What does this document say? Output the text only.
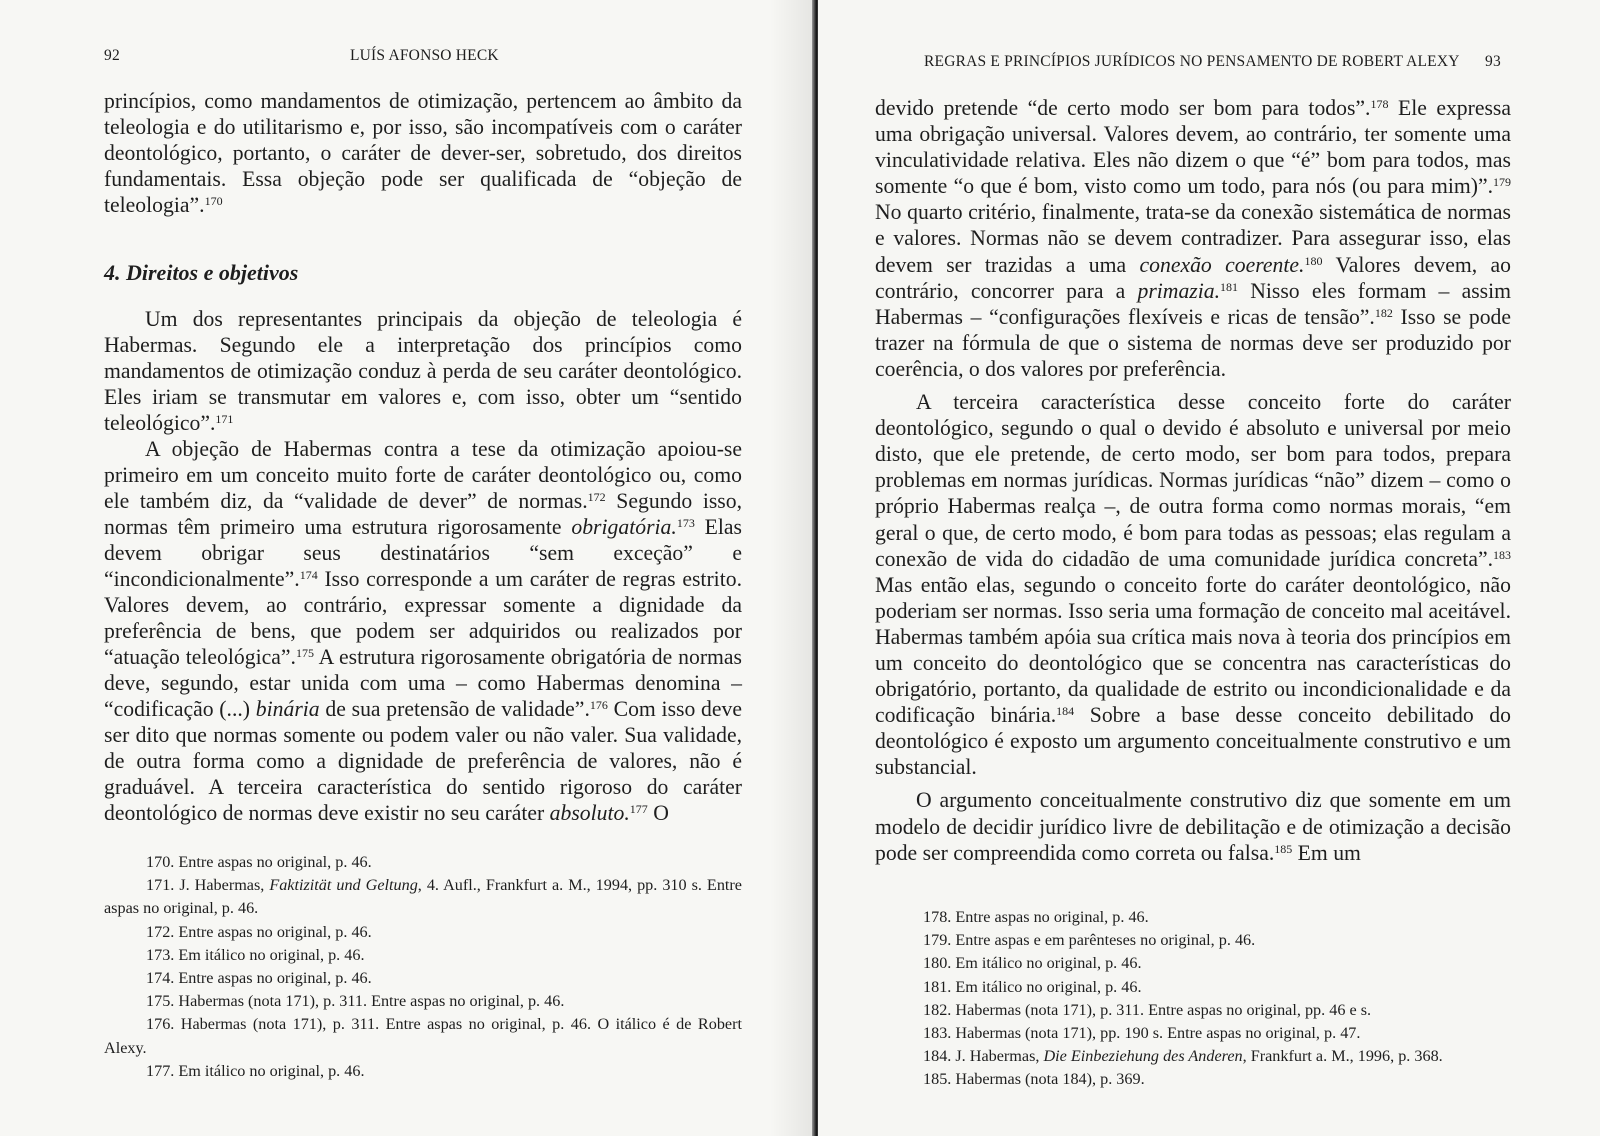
92	LUÍS AFONSO HECK

princípios, como mandamentos de otimização, pertencem ao âmbito da teleologia e do utilitarismo e, por isso, são incompatíveis com o caráter deontológico, portanto, o caráter de dever-ser, sobretudo, dos direitos fundamentais. Essa objeção pode ser qualificada de “objeção de teleologia”.$^{170}$

4. Direitos e objetivos

Um dos representantes principais da objeção de teleologia é Habermas. Segundo ele a interpretação dos princípios como mandamentos de otimização conduz à perda de seu caráter deontológico. Eles iriam se transmutar em valores e, com isso, obter um “sentido teleológico”.$^{171}$

A objeção de Habermas contra a tese da otimização apoiou-se primeiro em um conceito muito forte de caráter deontológico ou, como ele também diz, da “validade de dever” de normas.$^{172}$ Segundo isso, normas têm primeiro uma estrutura rigorosamente obrigatória.$^{173}$ Elas devem obrigar seus destinatários “sem exceção” e “incondicionalmente”.$^{174}$ Isso corresponde a um caráter de regras estrito. Valores devem, ao contrário, expressar somente a dignidade da preferência de bens, que podem ser adquiridos ou realizados por “atuação teleológica”.$^{175}$ A estrutura rigorosamente obrigatória de normas deve, segundo, estar unida com uma – como Habermas denomina – “codificação (...) binária de sua pretensão de validade”.$^{176}$ Com isso deve ser dito que normas somente ou podem valer ou não valer. Sua validade, de outra forma como a dignidade de preferência de valores, não é graduável. A terceira característica do sentido rigoroso do caráter deontológico de normas deve existir no seu caráter absoluto.$^{177}$ O

170. Entre aspas no original, p. 46.

171. J. Habermas, Faktizität und Geltung, 4. Aufl., Frankfurt a. M., 1994, pp. 310 s. Entre aspas no original, p. 46.

172. Entre aspas no original, p. 46.

173. Em itálico no original, p. 46.

174. Entre aspas no original, p. 46.

175. Habermas (nota 171), p. 311. Entre aspas no original, p. 46.

176. Habermas (nota 171), p. 311. Entre aspas no original, p. 46. O itálico é de Robert Alexy.

177. Em itálico no original, p. 46.

REGRAS E PRINCÍPIOS JURÍDICOS NO PENSAMENTO DE ROBERT ALEXY 93

devido pretende “de certo modo ser bom para todos”.$^{178}$ Ele expressa uma obrigação universal. Valores devem, ao contrário, ter somente uma vinculatividade relativa. Eles não dizem o que “é” bom para todos, mas somente “o que é bom, visto como um todo, para nós (ou para mim)”.$^{179}$ No quarto critério, finalmente, trata-se da conexão sistemática de normas e valores. Normas não se devem contradizer. Para assegurar isso, elas devem ser trazidas a uma conexão coerente.$^{180}$ Valores devem, ao contrário, concorrer para a primazia.$^{181}$ Nisso eles formam – assim Habermas – “configurações flexíveis e ricas de tensão”.$^{182}$ Isso se pode trazer na fórmula de que o sistema de normas deve ser produzido por coerência, o dos valores por preferência.

A terceira característica desse conceito forte do caráter deontológico, segundo o qual o devido é absoluto e universal por meio disto, que ele pretende, de certo modo, ser bom para todos, prepara problemas em normas jurídicas. Normas jurídicas “não” dizem – como o próprio Habermas realça –, de outra forma como normas morais, “em geral o que, de certo modo, é bom para todas as pessoas; elas regulam a conexão de vida do cidadão de uma comunidade jurídica concreta”.$^{183}$ Mas então elas, segundo o conceito forte do caráter deontológico, não poderiam ser normas. Isso seria uma formação de conceito mal aceitável. Habermas também apóia sua crítica mais nova à teoria dos princípios em um conceito do deontológico que se concentra nas características do obrigatório, portanto, da qualidade de estrito ou incondicionalidade e da codificação binária.$^{184}$ Sobre a base desse conceito debilitado do deontológico é exposto um argumento conceitualmente construtivo e um substancial.

O argumento conceitualmente construtivo diz que somente em um modelo de decidir jurídico livre de debilitação e de otimização a decisão pode ser compreendida como correta ou falsa.$^{185}$ Em um

178. Entre aspas no original, p. 46.

179. Entre aspas e em parênteses no original, p. 46.

180. Em itálico no original, p. 46.

181. Em itálico no original, p. 46.

182. Habermas (nota 171), p. 311. Entre aspas no original, pp. 46 e s.

183. Habermas (nota 171), pp. 190 s. Entre aspas no original, p. 47.

184. J. Habermas, Die Einbeziehung des Anderen, Frankfurt a. M., 1996, p. 368.

185. Habermas (nota 184), p. 369.
